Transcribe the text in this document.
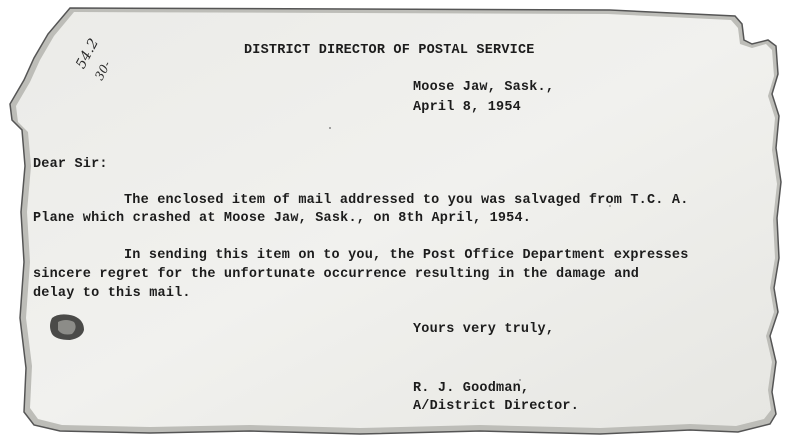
DISTRICT DIRECTOR OF POSTAL SERVICE
54.2
30-
Moose Jaw, Sask.,
April 8, 1954
Dear Sir:
The enclosed item of mail addressed to you was salvaged from T.C. A.
Plane which crashed at Moose Jaw, Sask., on 8th April, 1954.
In sending this item on to you, the Post Office Department expresses
sincere regret for the unfortunate occurrence resulting in the damage and
delay to this mail.
Yours very truly,
R. J. Goodman,
A/District Director.
